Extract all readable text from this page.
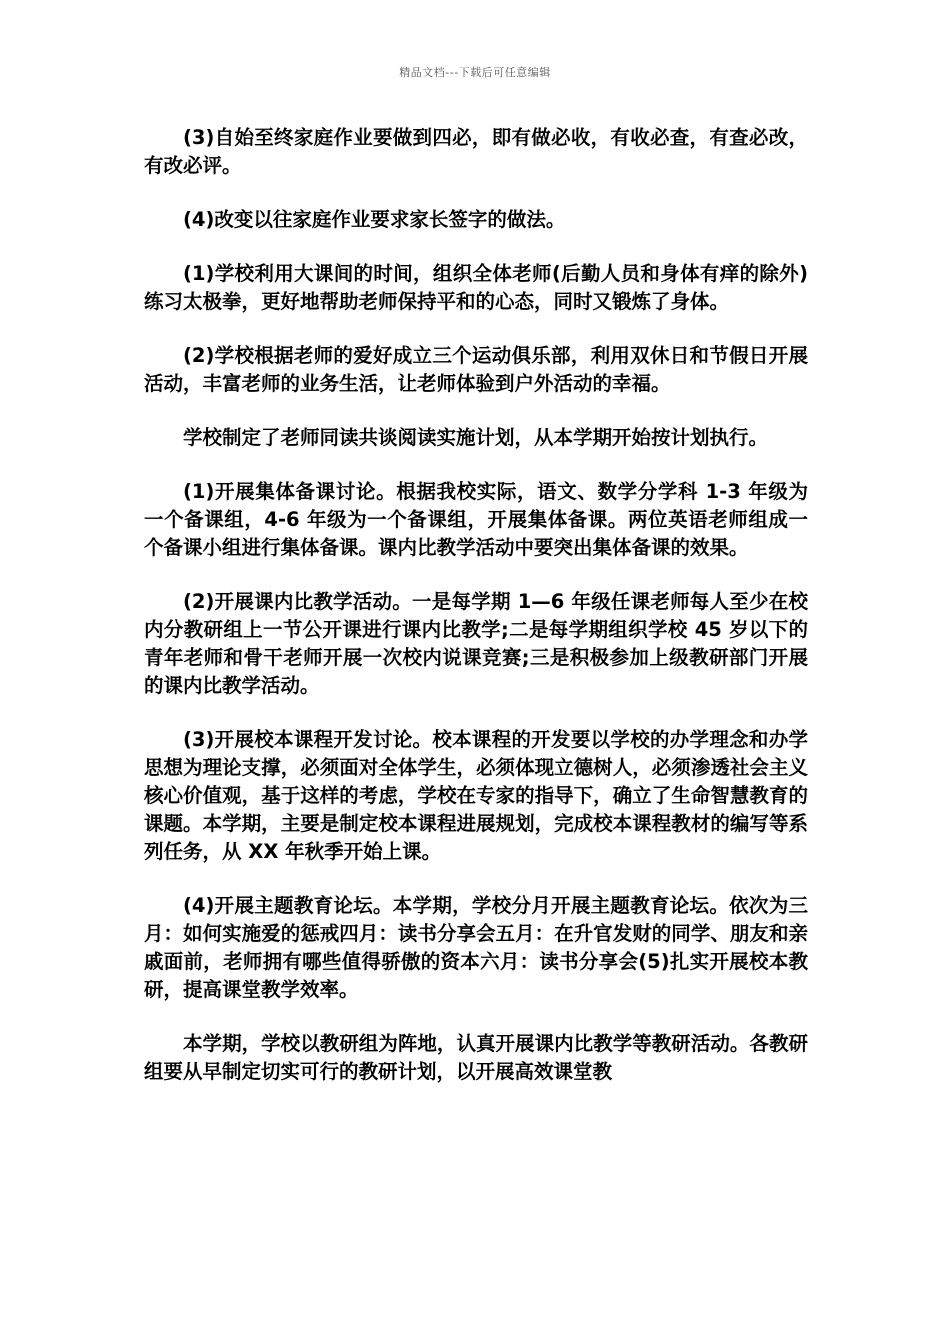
精品文档---下载后可任意编辑

(3)自始至终家庭作业要做到四必，即有做必收，有收必查，有查必改，有改必评。

(4)改变以往家庭作业要求家长签字的做法。

(1)学校利用大课间的时间，组织全体老师(后勤人员和身体有痒的除外)练习太极拳，更好地帮助老师保持平和的心态，同时又锻炼了身体。

(2)学校根据老师的爱好成立三个运动俱乐部，利用双休日和节假日开展活动，丰富老师的业务生活，让老师体验到户外活动的幸福。

学校制定了老师同读共谈阅读实施计划，从本学期开始按计划执行。

(1)开展集体备课讨论。根据我校实际，语文、数学分学科 1-3 年级为一个备课组，4-6 年级为一个备课组，开展集体备课。两位英语老师组成一个备课小组进行集体备课。课内比教学活动中要突出集体备课的效果。

(2)开展课内比教学活动。一是每学期 1—6 年级任课老师每人至少在校内分教研组上一节公开课进行课内比教学;二是每学期组织学校 45 岁以下的青年老师和骨干老师开展一次校内说课竞赛;三是积极参加上级教研部门开展的课内比教学活动。

(3)开展校本课程开发讨论。校本课程的开发要以学校的办学理念和办学思想为理论支撑，必须面对全体学生，必须体现立德树人，必须渗透社会主义核心价值观，基于这样的考虑，学校在专家的指导下，确立了生命智慧教育的课题。本学期，主要是制定校本课程进展规划，完成校本课程教材的编写等系列任务，从 XX 年秋季开始上课。

(4)开展主题教育论坛。本学期，学校分月开展主题教育论坛。依次为三月：如何实施爱的惩戒四月：读书分享会五月：在升官发财的同学、朋友和亲戚面前，老师拥有哪些值得骄傲的资本六月：读书分享会(5)扎实开展校本教研，提高课堂教学效率。

本学期，学校以教研组为阵地，认真开展课内比教学等教研活动。各教研组要从早制定切实可行的教研计划，以开展高效课堂教
